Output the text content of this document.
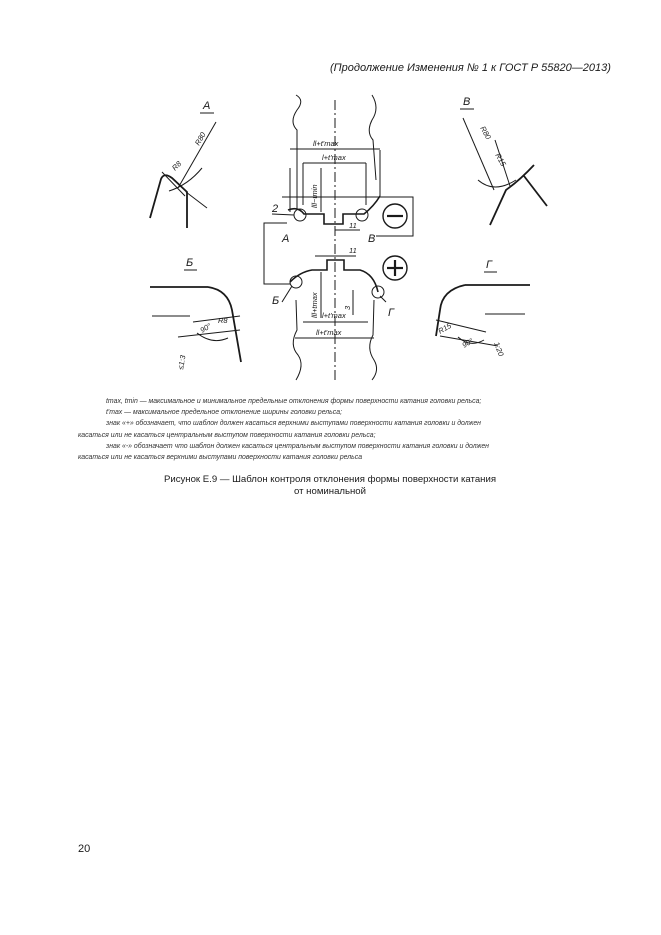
(Продолжение Изменения № 1 к ГОСТ Р 55820—2013)
А
R8
R80
В
R80
R15
Б
R8
90°
≤1:3
Г
R15
90° 1:20
А	В
Б
Г
2
ll+t'max
l+t'max
lll−tmin
11
11
lll+tmax	3
l+t'max
ll+t'max

tmax, tmin — максимальное и минимальное предельные отклонения формы поверхности катания головки рельса;

t'max — максимальное предельное отклонение ширины головки рельса;

знак «+» обозначает, что шаблон должен касаться верхними выступами поверхности катания головки и должен

касаться или не касаться центральным выступом поверхности катания головки рельса;

знак «-» обозначает что шаблон должен касаться центральным выступом поверхности катания головки и должен

касаться или не касаться верхними выступами поверхности катания головки рельса

Рисунок Е.9 — Шаблон контроля отклонения формы поверхности катания
от номинальной
20
